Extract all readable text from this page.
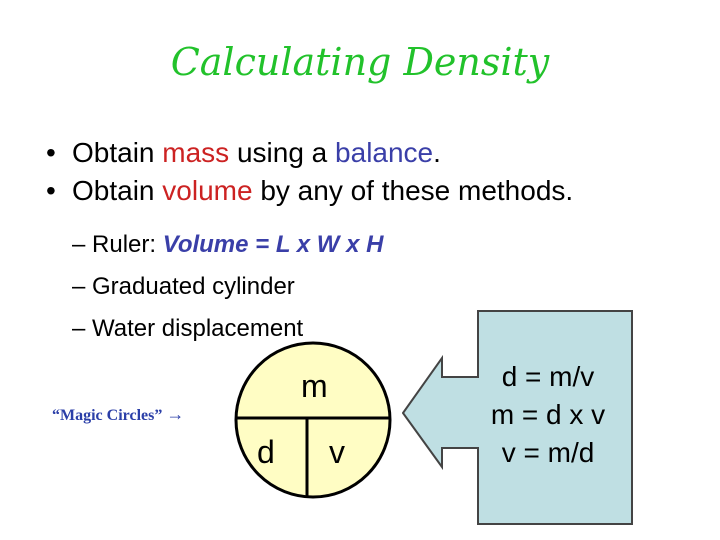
Calculating Density
• Obtain mass using a balance.
• Obtain volume by any of these methods.
– Ruler: Volume = L x W x H
– Graduated cylinder
– Water displacement
“Magic Circles” →
m
d v
d = m/v
m = d x v
v = m/d
